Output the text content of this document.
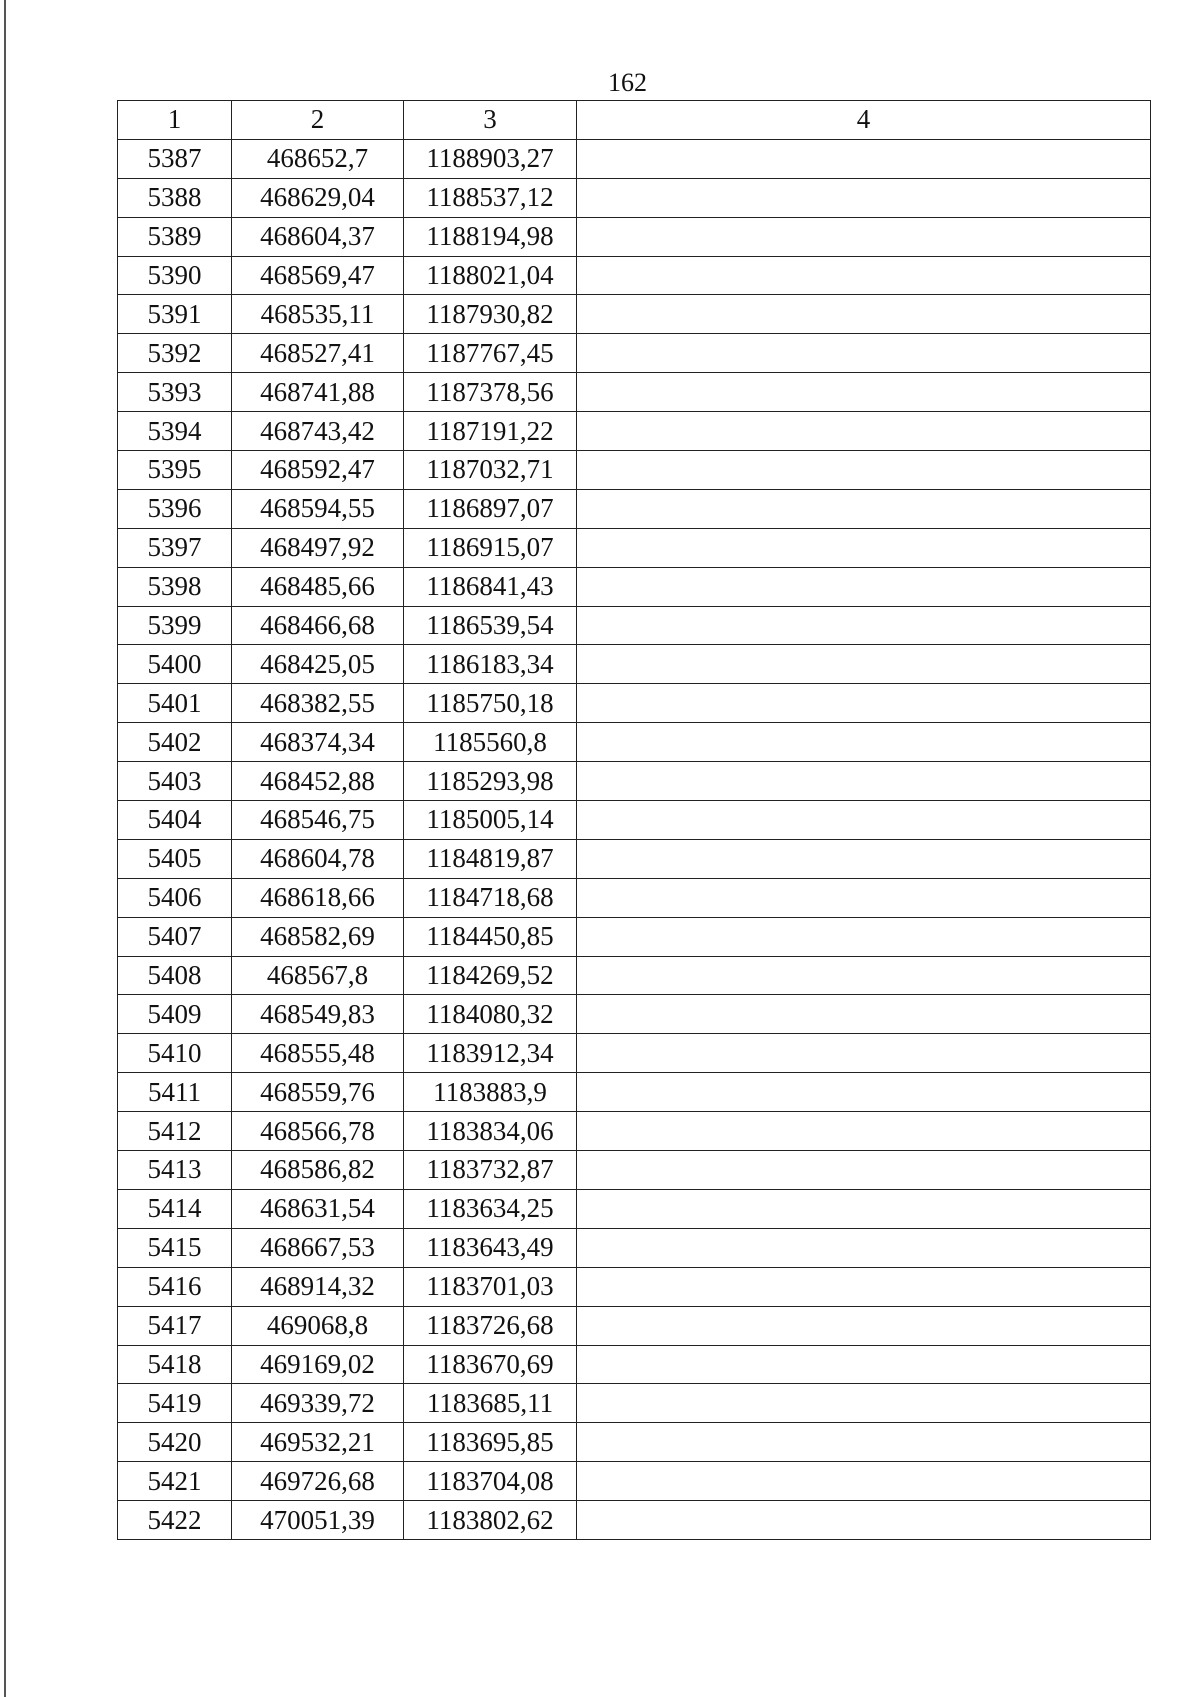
162
1	2	3	4
5387	468652,7	1188903,27	
5388	468629,04	1188537,12	
5389	468604,37	1188194,98	
5390	468569,47	1188021,04	
5391	468535,11	1187930,82	
5392	468527,41	1187767,45	
5393	468741,88	1187378,56	
5394	468743,42	1187191,22	
5395	468592,47	1187032,71	
5396	468594,55	1186897,07	
5397	468497,92	1186915,07	
5398	468485,66	1186841,43	
5399	468466,68	1186539,54	
5400	468425,05	1186183,34	
5401	468382,55	1185750,18	
5402	468374,34	1185560,8	
5403	468452,88	1185293,98	
5404	468546,75	1185005,14	
5405	468604,78	1184819,87	
5406	468618,66	1184718,68	
5407	468582,69	1184450,85	
5408	468567,8	1184269,52	
5409	468549,83	1184080,32	
5410	468555,48	1183912,34	
5411	468559,76	1183883,9	
5412	468566,78	1183834,06	
5413	468586,82	1183732,87	
5414	468631,54	1183634,25	
5415	468667,53	1183643,49	
5416	468914,32	1183701,03	
5417	469068,8	1183726,68	
5418	469169,02	1183670,69	
5419	469339,72	1183685,11	
5420	469532,21	1183695,85	
5421	469726,68	1183704,08	
5422	470051,39	1183802,62	
